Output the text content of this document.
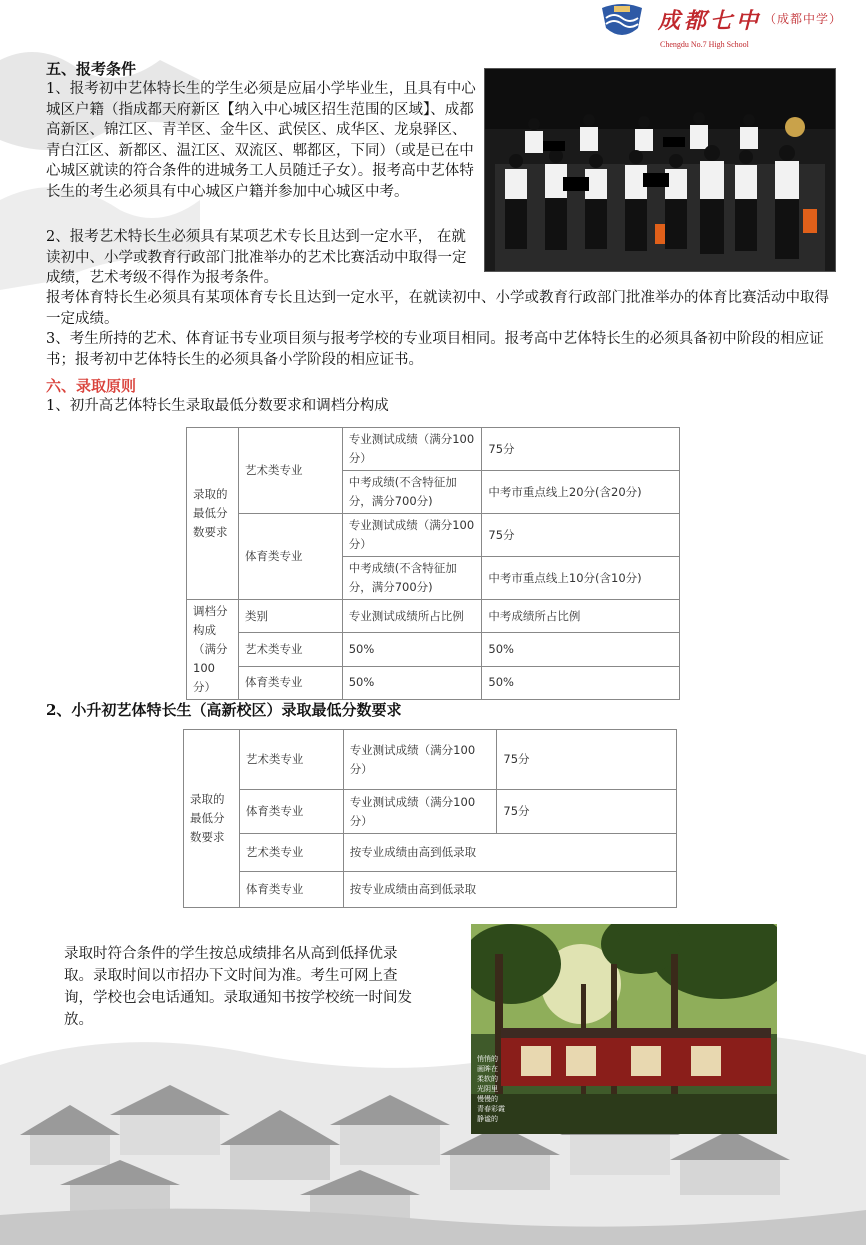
成都七中 （成都中学）
Chengdu No.7 High School
五、报考条件
1、报考初中艺体特长生的学生必须是应届小学毕业生，且具有中心城区户籍（指成都天府新区【纳入中心城区招生范围的区域】、成都高新区、锦江区、青羊区、金牛区、武侯区、成华区、龙泉驿区、青白江区、新都区、温江区、双流区、郫都区，下同）（或是已在中心城区就读的符合条件的进城务工人员随迁子女）。报考高中艺体特长生的考生必须具有中心城区户籍并参加中心城区中考。
2、报考艺术特长生必须具有某项艺术专长且达到一定水平， 在就读初中、小学或教育行政部门批准举办的艺术比赛活动中取得一定成绩，艺术考级不得作为报考条件。
报考体育特长生必须具有某项体育专长且达到一定水平，在就读初中、小学或教育行政部门批准举办的体育比赛活动中取得一定成绩。
3、考生所持的艺术、体育证书专业项目须与报考学校的专业项目相同。报考高中艺体特长生的必须具备初中阶段的相应证书；报考初中艺体特长生的必须具备小学阶段的相应证书。
六、录取原则
1、初升高艺体特长生录取最低分数要求和调档分构成
录取的最低分数要求	艺术类专业	专业测试成绩（满分100分）	75分
		中考成绩(不含特征加分，满分700分)	中考市重点线上20分(含20分)
	体育类专业	专业测试成绩（满分100分）	75分
		中考成绩(不含特征加分，满分700分)	中考市重点线上10分(含10分)
调档分构成（满分100分）	类别	专业测试成绩所占比例	中考成绩所占比例
	艺术类专业	50%	50%
	体育类专业	50%	50%
2、小升初艺体特长生（高新校区）录取最低分数要求
录取的最低分数要求	艺术类专业	专业测试成绩（满分100分）	75分
	体育类专业	专业测试成绩（满分100分）	75分
	艺术类专业	按专业成绩由高到低录取	
	体育类专业	按专业成绩由高到低录取	
录取时符合条件的学生按总成绩排名从高到低择优录取。录取时间以市招办下文时间为准。考生可网上查询，学校也会电话通知。录取通知书按学校统一时间发放。
悄悄的
画眸在
柔软的
光阴里
慢慢的
青春彩霞
静谧的
